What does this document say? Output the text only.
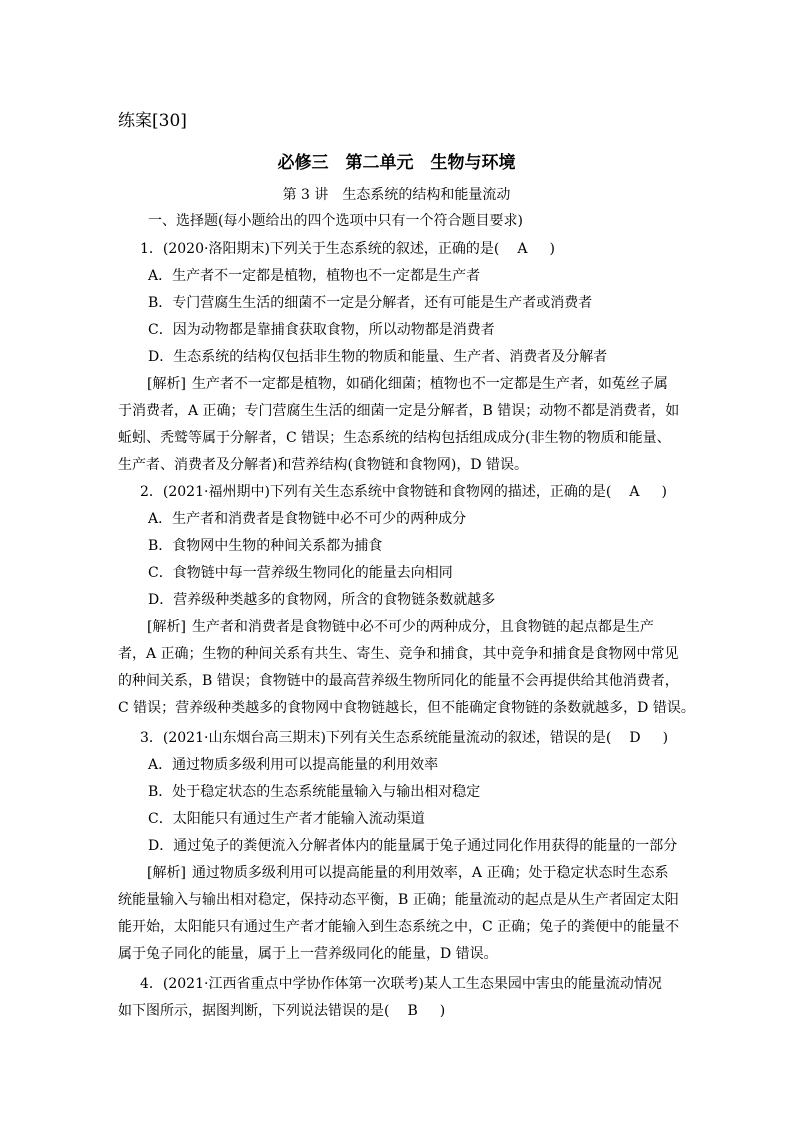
练案[30]
必修三　第二单元　生物与环境
第 3 讲　生态系统的结构和能量流动
一、选择题(每小题给出的四个选项中只有一个符合题目要求)
1．(2020·洛阳期末)下列关于生态系统的叙述，正确的是(　 A　 )
A．生产者不一定都是植物，植物也不一定都是生产者
B．专门营腐生生活的细菌不一定是分解者，还有可能是生产者或消费者
C．因为动物都是靠捕食获取食物，所以动物都是消费者
D．生态系统的结构仅包括非生物的物质和能量、生产者、消费者及分解者
[解析] 生产者不一定都是植物，如硝化细菌；植物也不一定都是生产者，如菟丝子属
于消费者，A 正确；专门营腐生生活的细菌一定是分解者，B 错误；动物不都是消费者，如
蚯蚓、秃鹫等属于分解者，C 错误；生态系统的结构包括组成成分(非生物的物质和能量、
生产者、消费者及分解者)和营养结构(食物链和食物网)，D 错误。
2．(2021·福州期中)下列有关生态系统中食物链和食物网的描述，正确的是(　 A　 )
A．生产者和消费者是食物链中必不可少的两种成分
B．食物网中生物的种间关系都为捕食
C．食物链中每一营养级生物同化的能量去向相同
D．营养级种类越多的食物网，所含的食物链条数就越多
[解析] 生产者和消费者是食物链中必不可少的两种成分，且食物链的起点都是生产
者，A 正确；生物的种间关系有共生、寄生、竞争和捕食，其中竞争和捕食是食物网中常见
的种间关系，B 错误；食物链中的最高营养级生物所同化的能量不会再提供给其他消费者，
C 错误；营养级种类越多的食物网中食物链越长，但不能确定食物链的条数就越多，D 错误。
3．(2021·山东烟台高三期末)下列有关生态系统能量流动的叙述，错误的是(　 D　 )
A．通过物质多级利用可以提高能量的利用效率
B．处于稳定状态的生态系统能量输入与输出相对稳定
C．太阳能只有通过生产者才能输入流动渠道
D．通过兔子的粪便流入分解者体内的能量属于兔子通过同化作用获得的能量的一部分
[解析] 通过物质多级利用可以提高能量的利用效率，A 正确；处于稳定状态时生态系
统能量输入与输出相对稳定，保持动态平衡，B 正确；能量流动的起点是从生产者固定太阳
能开始，太阳能只有通过生产者才能输入到生态系统之中，C 正确；兔子的粪便中的能量不
属于兔子同化的能量，属于上一营养级同化的能量，D 错误。
4．(2021·江西省重点中学协作体第一次联考)某人工生态果园中害虫的能量流动情况
如下图所示，据图判断，下列说法错误的是(　 B　 )
